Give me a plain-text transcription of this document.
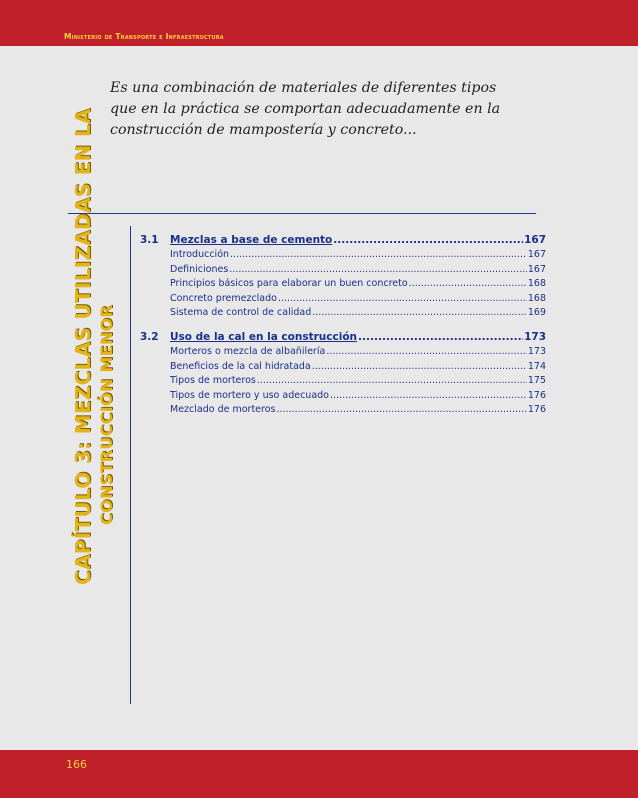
Ministerio de Transporte e Infraestructura
Es una combinación de materiales de diferentes tipos
que en la práctica se comportan adecuadamente en la
construcción de mampostería y concreto...
CAPÍTULO 3: MEZCLAS UTILIZADAS EN LA CONSTRUCCIÓN MENOR
3.1	Mezclas a base de cemento .....	167
Introducción .....	167
Definiciones .....	167
Principios básicos para elaborar un buen concreto .....	168
Concreto premezclado .....	168
Sistema de control de calidad .....	169
3.2	Uso de la cal en la construcción .....	173
Morteros o mezcla de albañilería .....	173
Beneficios de la cal hidratada .....	174
Tipos de morteros .....	175
Tipos de mortero y uso adecuado .....	176
Mezclado de morteros .....	176
166
